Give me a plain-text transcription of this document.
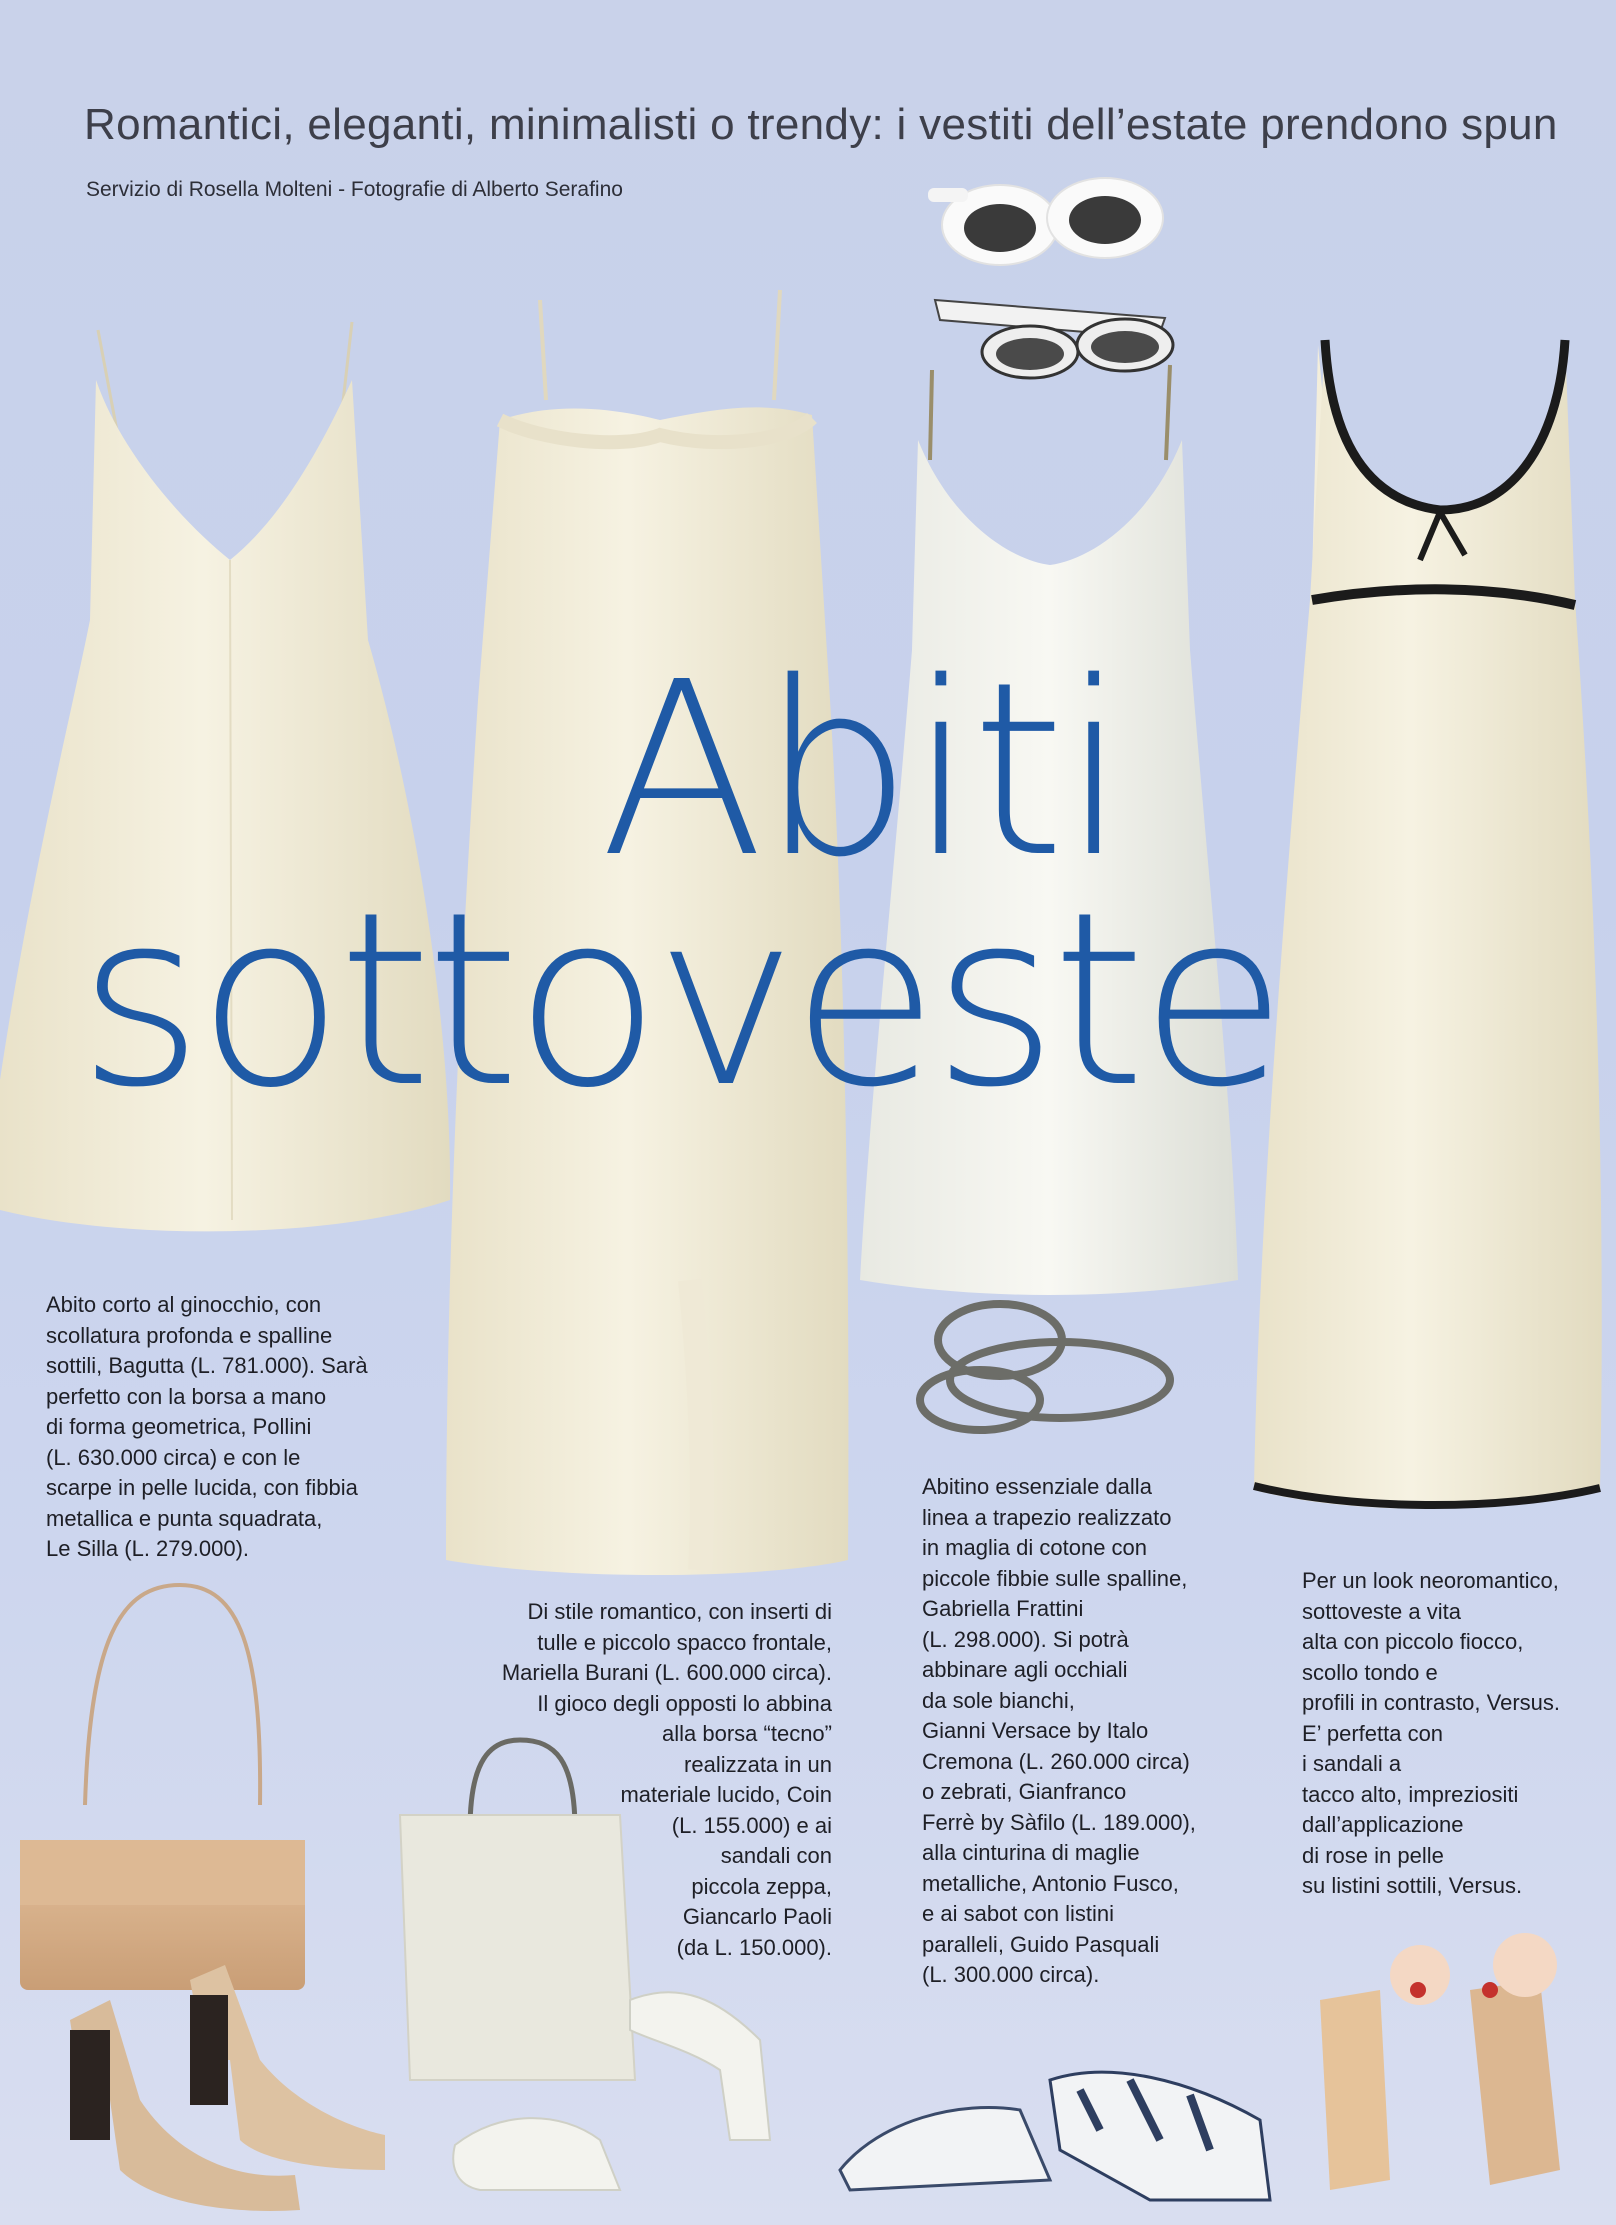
Romantici, eleganti, minimalisti o trendy: i vestiti dell’estate prendono spun
Servizio di Rosella Molteni - Fotografie di Alberto Serafino
Abiti
sottoveste
Abito corto al ginocchio, con
scollatura profonda e spalline
sottili, Bagutta (L. 781.000). Sarà
perfetto con la borsa a mano
di forma geometrica, Pollini
(L. 630.000 circa) e con le
scarpe in pelle lucida, con fibbia
metallica e punta squadrata,
Le Silla (L. 279.000).
Di stile romantico, con inserti di
tulle e piccolo spacco frontale,
Mariella Burani (L. 600.000 circa).
Il gioco degli opposti lo abbina
alla borsa “tecno”
realizzata in un
materiale lucido, Coin
(L. 155.000) e ai
sandali con
piccola zeppa,
Giancarlo Paoli
(da L. 150.000).
Abitino essenziale dalla
linea a trapezio realizzato
in maglia di cotone con
piccole fibbie sulle spalline,
Gabriella Frattini
(L. 298.000). Si potrà
abbinare agli occhiali
da sole bianchi,
Gianni Versace by Italo
Cremona (L. 260.000 circa)
o zebrati, Gianfranco
Ferrè by Sàfilo (L. 189.000),
alla cinturina di maglie
metalliche, Antonio Fusco,
e ai sabot con listini
paralleli, Guido Pasquali
(L. 300.000 circa).
Per un look neoromantico,
sottoveste a vita
alta con piccolo fiocco,
scollo tondo e
profili in contrasto, Versus.
E’ perfetta con
i sandali a
tacco alto, impreziositi
dall’applicazione
di rose in pelle
su listini sottili, Versus.
